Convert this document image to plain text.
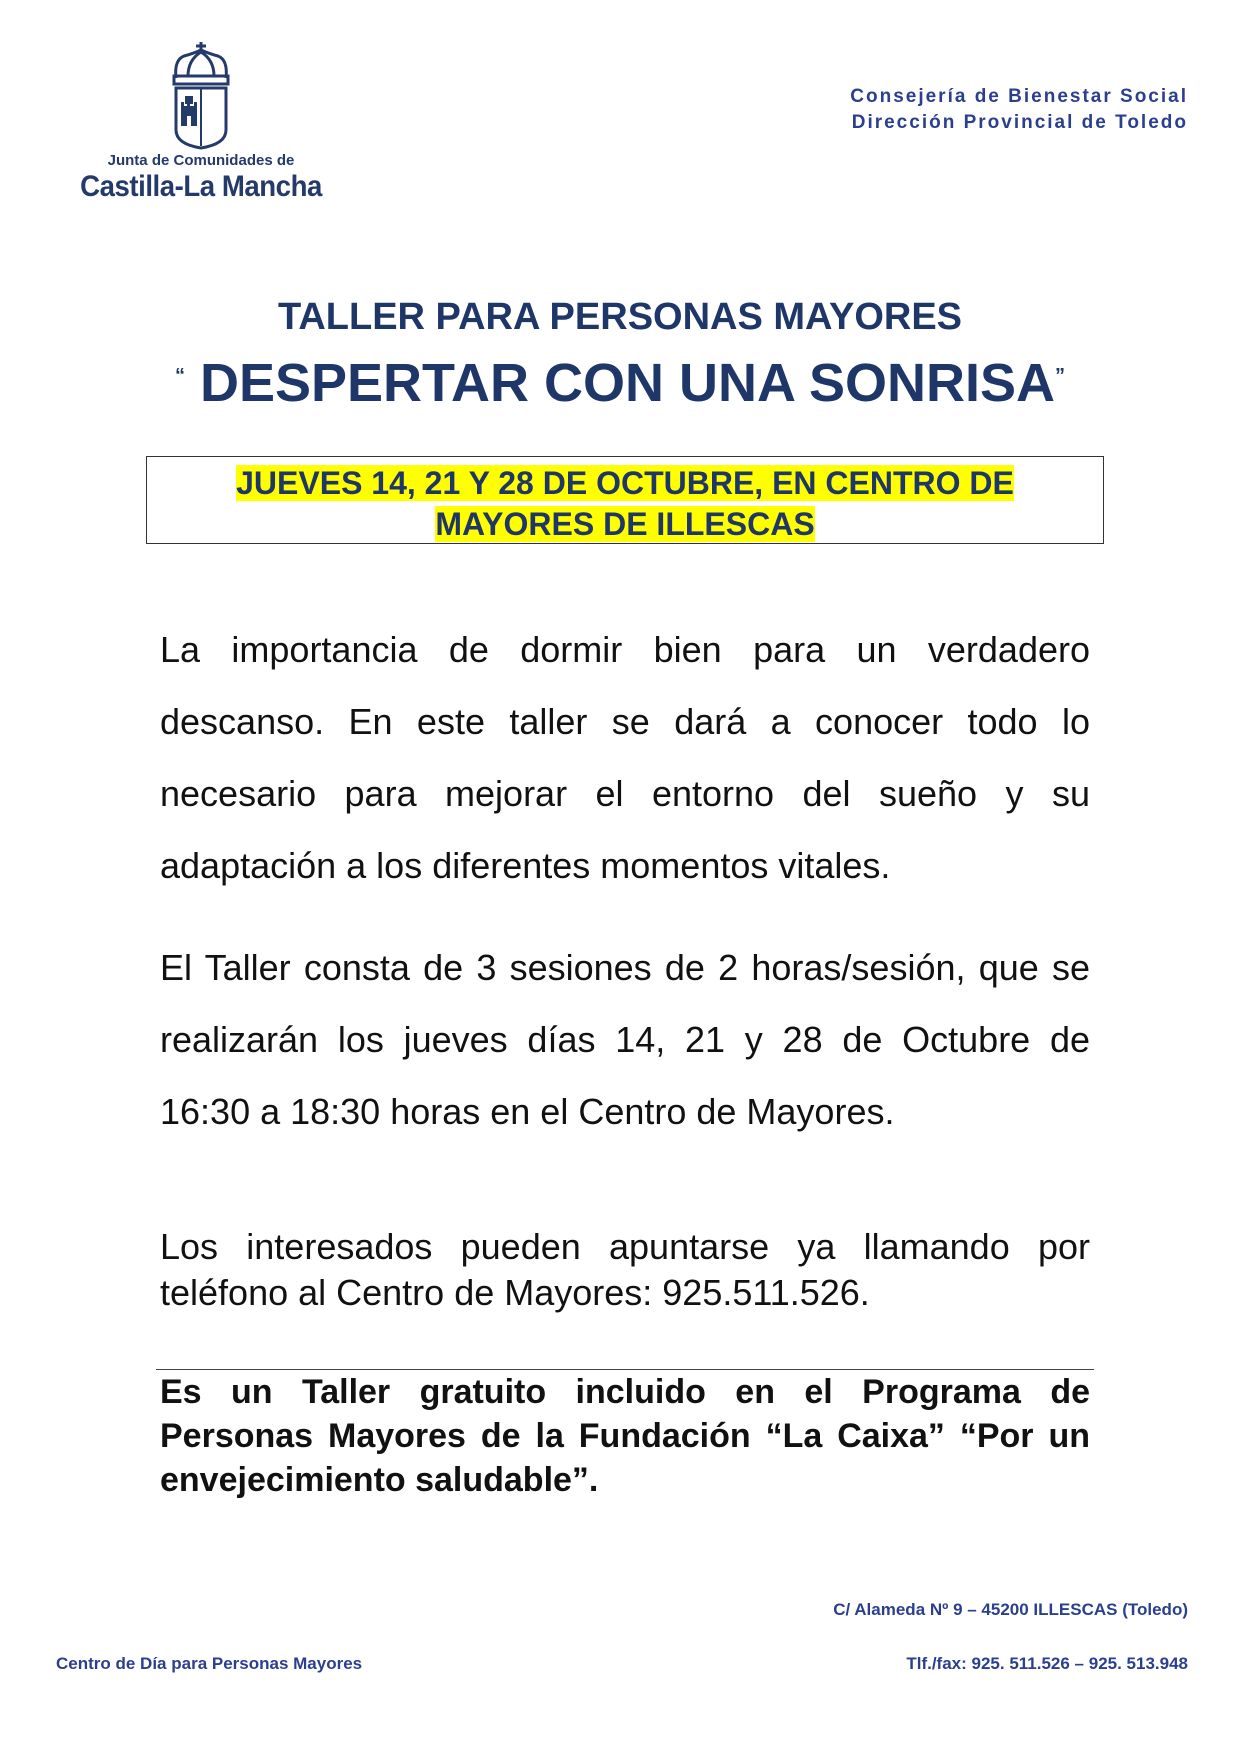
Junta de Comunidades de
Castilla-La Mancha
Consejería de Bienestar Social
Dirección Provincial de Toledo
TALLER PARA PERSONAS MAYORES
“ DESPERTAR CON UNA SONRISA”
JUEVES 14, 21 Y 28 DE OCTUBRE, EN CENTRO DE
MAYORES DE ILLESCAS
La importancia de dormir bien para un verdadero descanso. En este taller se dará a conocer todo lo necesario para mejorar el entorno del sueño y su adaptación a los diferentes momentos vitales.
El Taller consta de 3 sesiones de 2 horas/sesión, que se realizarán los jueves días 14, 21 y 28 de Octubre de 16:30 a 18:30 horas en el Centro de Mayores.
Los interesados pueden apuntarse ya llamando por teléfono al Centro de Mayores: 925.511.526.
Es un Taller gratuito incluido en el Programa de Personas Mayores de la Fundación “La Caixa” “Por un envejecimiento saludable”.
C/ Alameda Nº 9 – 45200 ILLESCAS (Toledo)
Centro de Día para Personas Mayores	Tlf./fax: 925. 511.526 – 925. 513.948
